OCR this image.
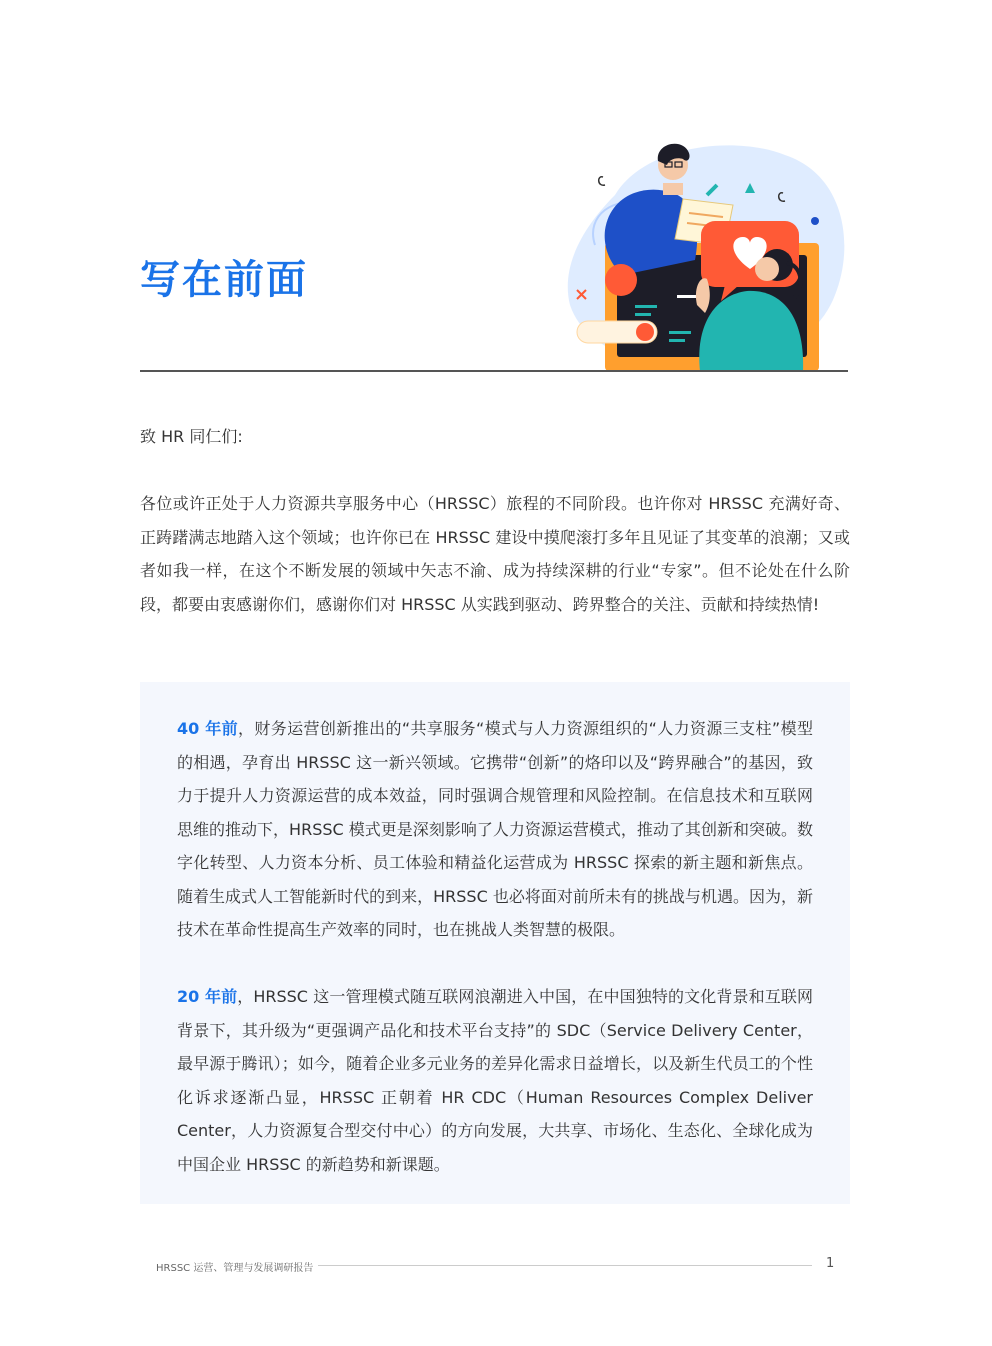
写在前面

致 HR 同仁们:

各位或许正处于人力资源共享服务中心（HRSSC）旅程的不同阶段。也许你对 HRSSC 充满好奇、正踌躇满志地踏入这个领域；也许你已在 HRSSC 建设中摸爬滚打多年且见证了其变革的浪潮；又或者如我一样，在这个不断发展的领域中矢志不渝、成为持续深耕的行业“专家”。但不论处在什么阶段，都要由衷感谢你们，感谢你们对 HRSSC 从实践到驱动、跨界整合的关注、贡献和持续热情!

40 年前，财务运营创新推出的“共享服务“模式与人力资源组织的“人力资源三支柱”模型的相遇，孕育出 HRSSC 这一新兴领域。它携带“创新”的烙印以及“跨界融合”的基因，致力于提升人力资源运营的成本效益，同时强调合规管理和风险控制。在信息技术和互联网思维的推动下，HRSSC 模式更是深刻影响了人力资源运营模式，推动了其创新和突破。数字化转型、人力资本分析、员工体验和精益化运营成为 HRSSC 探索的新主题和新焦点。随着生成式人工智能新时代的到来，HRSSC 也必将面对前所未有的挑战与机遇。因为，新技术在革命性提高生产效率的同时，也在挑战人类智慧的极限。

20 年前，HRSSC 这一管理模式随互联网浪潮进入中国，在中国独特的文化背景和互联网背景下，其升级为“更强调产品化和技术平台支持”的 SDC（Service Delivery Center，最早源于腾讯）；如今，随着企业多元业务的差异化需求日益增长，以及新生代员工的个性化诉求逐渐凸显，HRSSC 正朝着 HR CDC（Human Resources Complex Deliver Center，人力资源复合型交付中心）的方向发展，大共享、市场化、生态化、全球化成为中国企业 HRSSC 的新趋势和新课题。

HRSSC 运营、管理与发展调研报告	1
